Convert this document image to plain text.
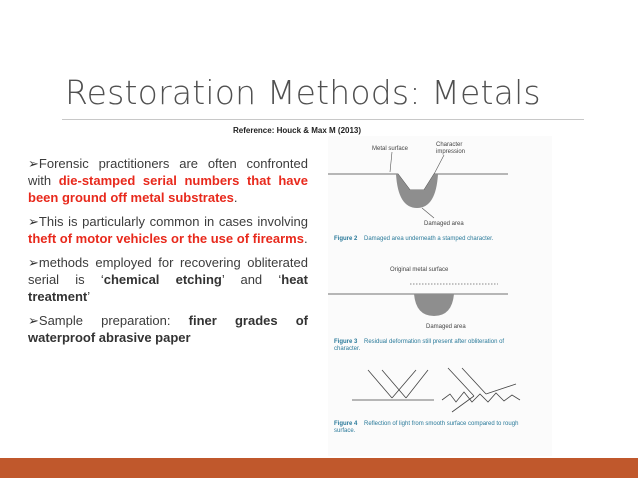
Restoration Methods: Metals
Reference: Houck & Max M (2013)
➢Forensic practitioners are often confronted with die-stamped serial numbers that have been ground off metal substrates.
➢This is particularly common in cases involving theft of motor vehicles or the use of firearms.
➢methods employed for recovering obliterated serial is ‘chemical etching’ and ‘heat treatment’
➢Sample preparation: finer grades of waterproof abrasive paper
Metal surface
Character
impression
Damaged area
Figure 2 Damaged area underneath a stamped character.
Original metal surface
Damaged area
Figure 3 Residual deformation still present after obliteration of
character.
Figure 4 Reflection of light from smooth surface compared to rough
surface.
